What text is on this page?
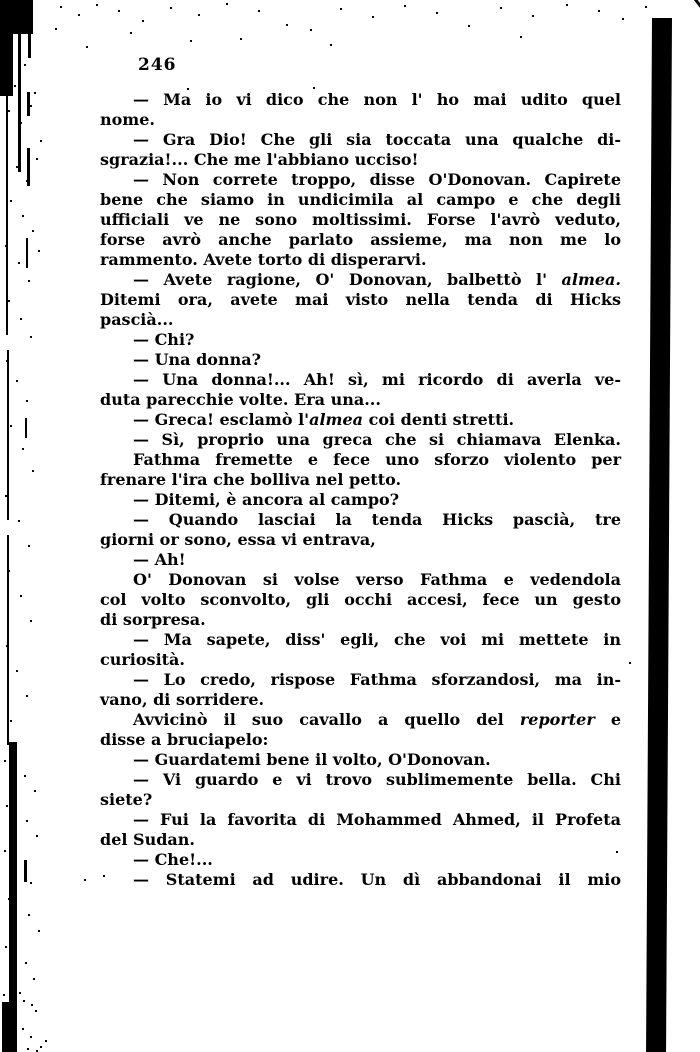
246
— Ma io vi dico che non l' ho mai udito quel
nome.
— Gra Dio! Che gli sia toccata una qualche di-
sgrazia!... Che me l'abbiano ucciso!
— Non correte troppo, disse O'Donovan. Capirete
bene che siamo in undicimila al campo e che degli
ufficiali ve ne sono moltissimi. Forse l'avrò veduto,
forse avrò anche parlato assieme, ma non me lo
rammento. Avete torto di disperarvi.
— Avete ragione, O' Donovan, balbettò l' almea.
Ditemi ora, avete mai visto nella tenda di Hicks
pascià...
— Chi?
— Una donna?
— Una donna!... Ah! sì, mi ricordo di averla ve-
duta parecchie volte. Era una...
— Greca! esclamò l'almea coi denti stretti.
— Sì, proprio una greca che si chiamava Elenka.
Fathma fremette e fece uno sforzo violento per
frenare l'ira che bolliva nel petto.
— Ditemi, è ancora al campo?
— Quando lasciai la tenda Hicks pascià, tre
giorni or sono, essa vi entrava,
— Ah!
O' Donovan si volse verso Fathma e vedendola
col volto sconvolto, gli occhi accesi, fece un gesto
di sorpresa.
— Ma sapete, diss' egli, che voi mi mettete in
curiosità.
— Lo credo, rispose Fathma sforzandosi, ma in-
vano, di sorridere.
Avvicinò il suo cavallo a quello del reporter e
disse a bruciapelo:
— Guardatemi bene il volto, O'Donovan.
— Vi guardo e vi trovo sublimemente bella. Chi
siete?
— Fui la favorita di Mohammed Ahmed, il Profeta
del Sudan.
— Che!...
— Statemi ad udire. Un dì abbandonai il mio
